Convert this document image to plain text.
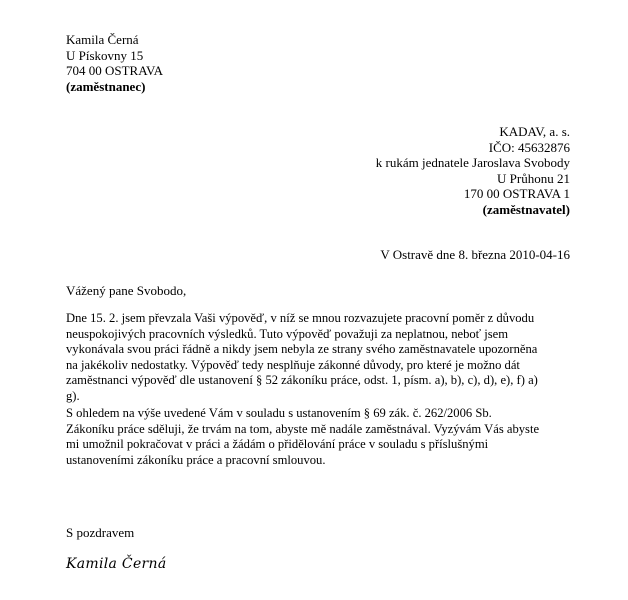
Kamila Černá
U Pískovny 15
704 00 OSTRAVA
(zaměstnanec)
KADAV, a. s.
IČO: 45632876
k rukám jednatele Jaroslava Svobody
U Průhonu 21
170 00 OSTRAVA 1
(zaměstnavatel)
V Ostravě dne 8. března 2010-04-16
Vážený pane Svobodo,
Dne 15. 2. jsem převzala Vaši výpověď, v níž se mnou rozvazujete pracovní poměr z důvodu
neuspokojivých pracovních výsledků. Tuto výpověď považuji za neplatnou, neboť jsem
vykonávala svou práci řádně a nikdy jsem nebyla ze strany svého zaměstnavatele upozorněna
na jakékoliv nedostatky. Výpověď tedy nesplňuje zákonné důvody, pro které je možno dát
zaměstnanci výpověď dle ustanovení § 52 zákoníku práce, odst. 1, písm. a), b), c), d), e), f) a)
g).
S ohledem na výše uvedené Vám v souladu s ustanovením § 69 zák. č. 262/2006 Sb.
Zákoníku práce sděluji, že trvám na tom, abyste mě nadále zaměstnával. Vyzývám Vás abyste
mi umožnil pokračovat v práci a žádám o přidělování práce v souladu s příslušnými
ustanoveními zákoníku práce a pracovní smlouvou.
S pozdravem
Kamila Černá
